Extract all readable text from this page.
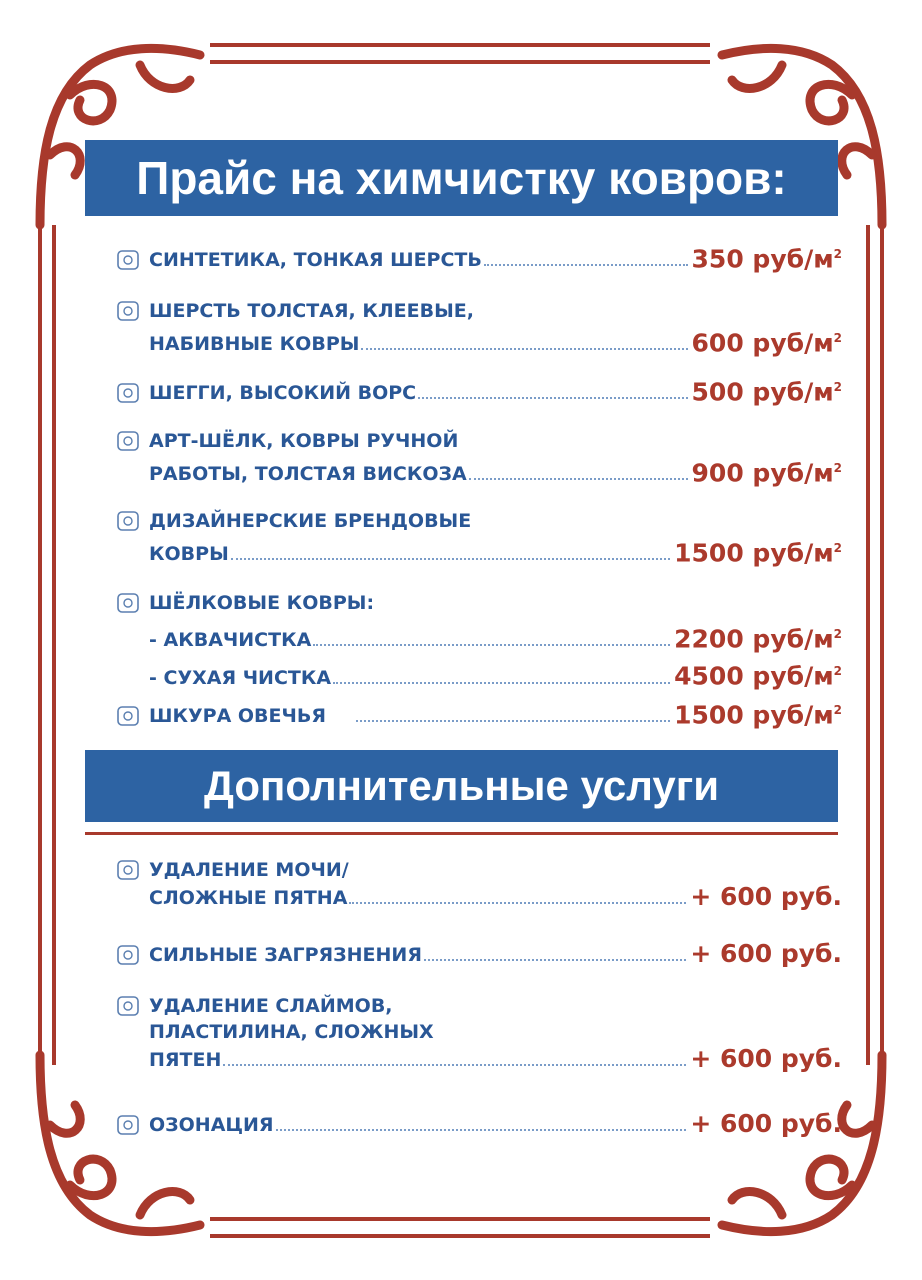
Прайс на химчистку ковров:
СИНТЕТИКА, ТОНКАЯ ШЕРСТЬ	350 руб/$м^2$
ШЕРСТЬ ТОЛСТАЯ, КЛЕЕВЫЕ,
НАБИВНЫЕ КОВРЫ	600 руб/$м^2$
ШЕГГИ, ВЫСОКИЙ ВОРС	500 руб/$м^2$
АРТ-ШЁЛК, КОВРЫ РУЧНОЙ
РАБОТЫ, ТОЛСТАЯ ВИСКОЗА	900 руб/$м^2$
ДИЗАЙНЕРСКИЕ БРЕНДОВЫЕ
КОВРЫ	1500 руб/$м^2$
ШЁЛКОВЫЕ КОВРЫ:
- АКВАЧИСТКА	2200 руб/$м^2$
- СУХАЯ ЧИСТКА	4500 руб/$м^2$
ШКУРА ОВЕЧЬЯ	1500 руб/$м^2$
УДАЛЕНИЕ МОЧИ/
СЛОЖНЫЕ ПЯТНА	+ 600 руб.
СИЛЬНЫЕ ЗАГРЯЗНЕНИЯ	+ 600 руб.
УДАЛЕНИЕ СЛАЙМОВ,
ПЛАСТИЛИНА, СЛОЖНЫХ
ПЯТЕН	+ 600 руб.
ОЗОНАЦИЯ	+ 600 руб.
Дополнительные услуги
